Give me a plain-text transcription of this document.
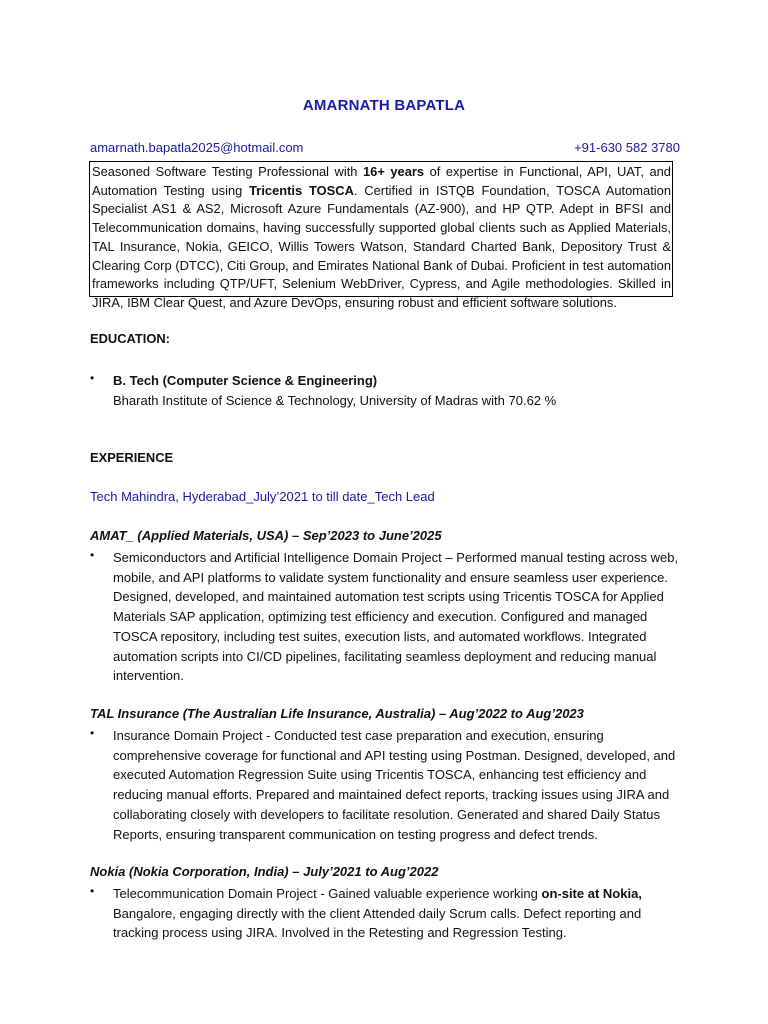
AMARNATH BAPATLA
amarnath.bapatla2025@hotmail.com	+91-630 582 3780
Seasoned Software Testing Professional with 16+ years of expertise in Functional, API, UAT, and Automation Testing using Tricentis TOSCA. Certified in ISTQB Foundation, TOSCA Automation Specialist AS1 & AS2, Microsoft Azure Fundamentals (AZ-900), and HP QTP. Adept in BFSI and Telecommunication domains, having successfully supported global clients such as Applied Materials, TAL Insurance, Nokia, GEICO, Willis Towers Watson, Standard Charted Bank, Depository Trust & Clearing Corp (DTCC), Citi Group, and Emirates National Bank of Dubai. Proficient in test automation frameworks including QTP/UFT, Selenium WebDriver, Cypress, and Agile methodologies. Skilled in JIRA, IBM Clear Quest, and Azure DevOps, ensuring robust and efficient software solutions.
EDUCATION:
•	B. Tech (Computer Science & Engineering)
Bharath Institute of Science & Technology, University of Madras with 70.62 %
EXPERIENCE
Tech Mahindra, Hyderabad_July’2021 to till date_Tech Lead
AMAT_ (Applied Materials, USA) – Sep’2023 to June’2025
•	Semiconductors and Artificial Intelligence Domain Project – Performed manual testing across web, mobile, and API platforms to validate system functionality and ensure seamless user experience. Designed, developed, and maintained automation test scripts using Tricentis TOSCA for Applied Materials SAP application, optimizing test efficiency and execution. Configured and managed TOSCA repository, including test suites, execution lists, and automated workflows. Integrated automation scripts into CI/CD pipelines, facilitating seamless deployment and reducing manual intervention.
TAL Insurance (The Australian Life Insurance, Australia) – Aug’2022 to Aug’2023
•	Insurance Domain Project - Conducted test case preparation and execution, ensuring comprehensive coverage for functional and API testing using Postman. Designed, developed, and executed Automation Regression Suite using Tricentis TOSCA, enhancing test efficiency and reducing manual efforts. Prepared and maintained defect reports, tracking issues using JIRA and collaborating closely with developers to facilitate resolution. Generated and shared Daily Status Reports, ensuring transparent communication on testing progress and defect trends.
Nokia (Nokia Corporation, India) – July’2021 to Aug’2022
•	Telecommunication Domain Project - Gained valuable experience working on-site at Nokia, Bangalore, engaging directly with the client Attended daily Scrum calls. Defect reporting and tracking process using JIRA. Involved in the Retesting and Regression Testing.
